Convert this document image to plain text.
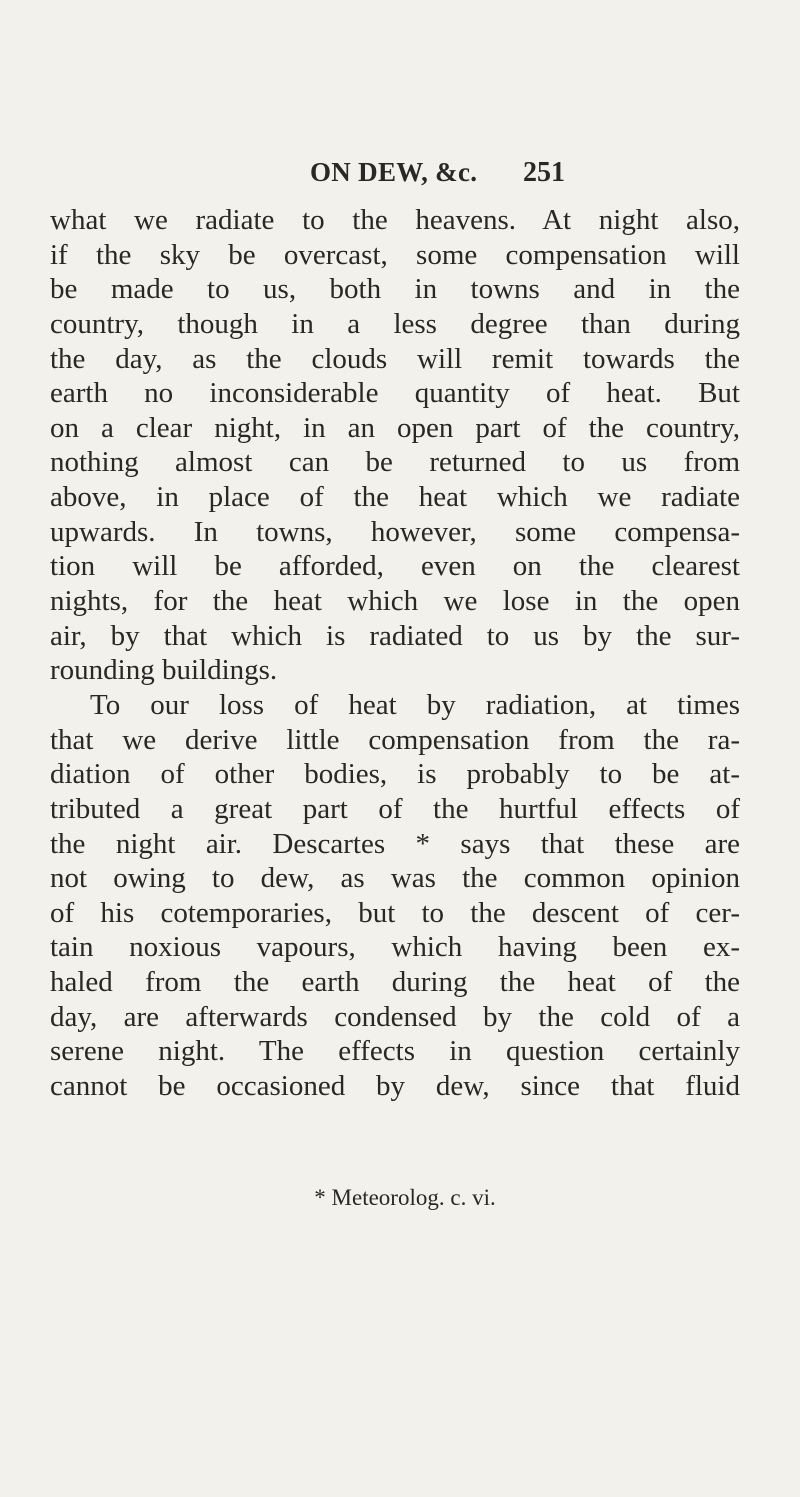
ON DEW, &c. 251
what we radiate to the heavens. At night also,
if the sky be overcast, some compensation will
be made to us, both in towns and in the
country, though in a less degree than during
the day, as the clouds will remit towards the
earth no inconsiderable quantity of heat. But
on a clear night, in an open part of the country,
nothing almost can be returned to us from
above, in place of the heat which we radiate
upwards. In towns, however, some compensa-
tion will be afforded, even on the clearest
nights, for the heat which we lose in the open
air, by that which is radiated to us by the sur-
rounding buildings.
To our loss of heat by radiation, at times
that we derive little compensation from the ra-
diation of other bodies, is probably to be at-
tributed a great part of the hurtful effects of
the night air. Descartes * says that these are
not owing to dew, as was the common opinion
of his cotemporaries, but to the descent of cer-
tain noxious vapours, which having been ex-
haled from the earth during the heat of the
day, are afterwards condensed by the cold of a
serene night. The effects in question certainly
cannot be occasioned by dew, since that fluid
* Meteorolog. c. vi.
